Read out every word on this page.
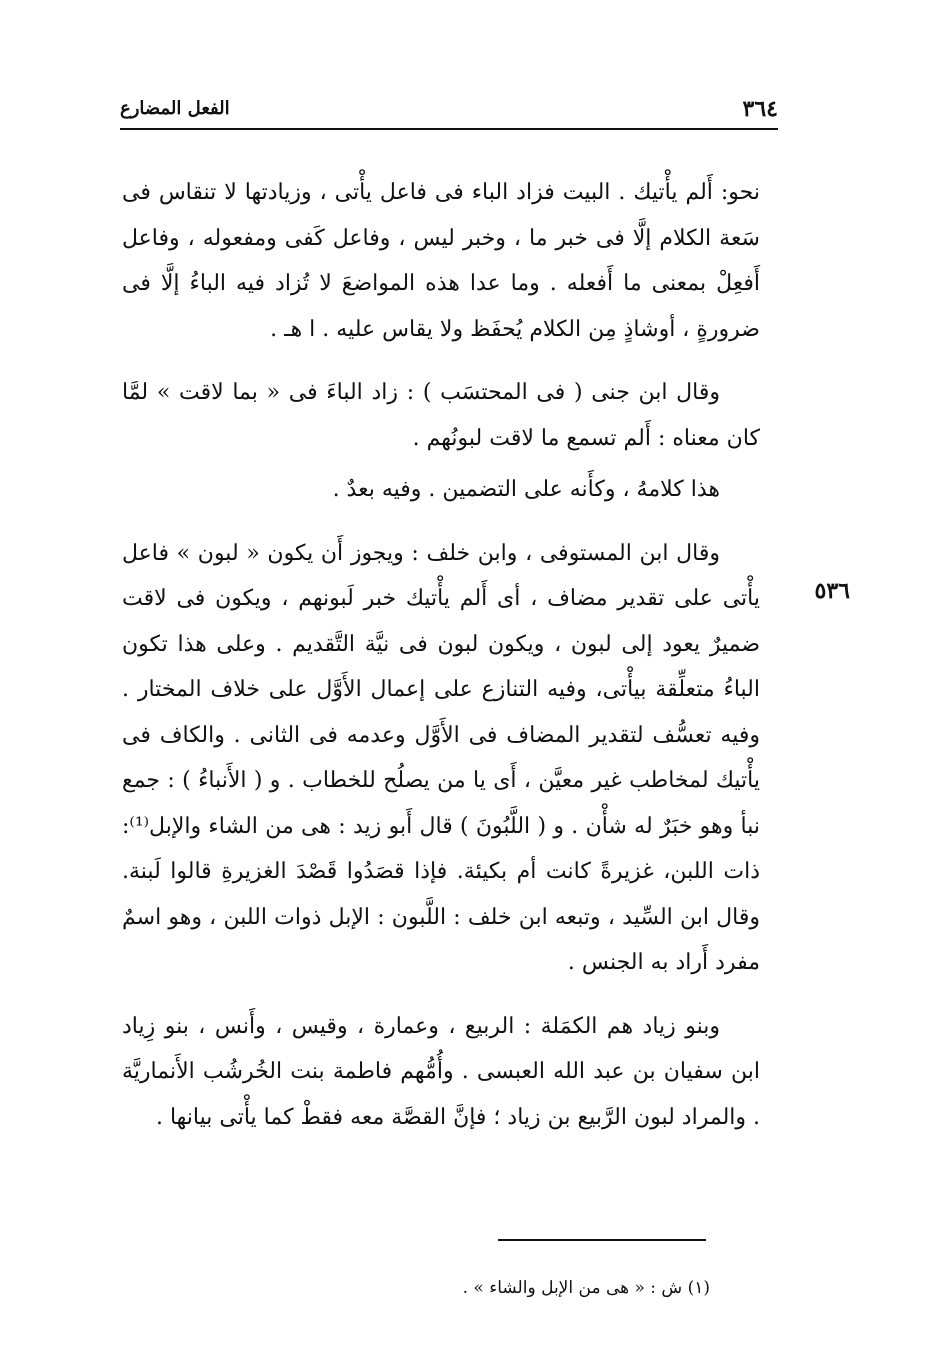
٣٦٤
الفعل المضارع
٥٣٦

نحو: أَلم يأْتيك . البيت فزاد الباء فى فاعل يأْتى ، وزيادتها لا تنقاس فى سَعة الكلام إلَّا فى خبر ما ، وخبر ليس ، وفاعل كَفى ومفعوله ، وفاعل أَفعِلْ بمعنى ما أَفعله . وما عدا هذه المواضعَ لا تُزاد فيه الباءُ إلَّا فى ضرورةٍ ، أوشاذٍ مِن الكلام يُحفَظ ولا يقاس عليه . ا هـ .

وقال ابن جنى ( فى المحتسَب ) : زاد الباءَ فى « بما لاقت » لمَّا كان معناه : أَلم تسمع ما لاقت لبونُهم .

هذا كلامهُ ، وكأَنه على التضمين . وفيه بعدٌ .

وقال ابن المستوفى ، وابن خلف : ويجوز أَن يكون « لبون » فاعل يأْتى على تقدير مضاف ، أى أَلم يأْتيك خبر لَبونهم ، ويكون فى لاقت ضميرٌ يعود إلى لبون ، ويكون لبون فى نيَّة التَّقديم . وعلى هذا تكون الباءُ متعلِّقة بيأْتى، وفيه التنازع على إعمال الأَوَّل على خلاف المختار . وفيه تعسُّف لتقدير المضاف فى الأَوَّل وعدمه فى الثانى . والكاف فى يأْتيك لمخاطب غير معيَّن ، أَى يا من يصلُح للخطاب . و ( الأَنباءُ ) : جمع نبأ وهو خبَرٌ له شأْن . و ( اللَّبُونَ ) قال أَبو زيد : هى من الشاء والإبل⁽¹⁾: ذات اللبن، غزيرةً كانت أم بكيئة. فإذا قصَدُوا قَصْدَ الغزيرةِ قالوا لَبنة. وقال ابن السِّيد ، وتبعه ابن خلف : اللَّبون : الإبل ذوات اللبن ، وهو اسمٌ مفرد أَراد به الجنس .

وبنو زياد هم الكمَلة : الربيع ، وعمارة ، وقيس ، وأَنس ، بنو زِياد ابن سفيان بن عبد الله العبسى . وأُمُّهم فاطمة بنت الخُرشُب الأَنماريَّة . والمراد لبون الرَّبيع بن زياد ؛ فإنَّ القصَّة معه فقطْ كما يأْتى بيانها .

(١) ش : « هى من الإبل والشاء » .
